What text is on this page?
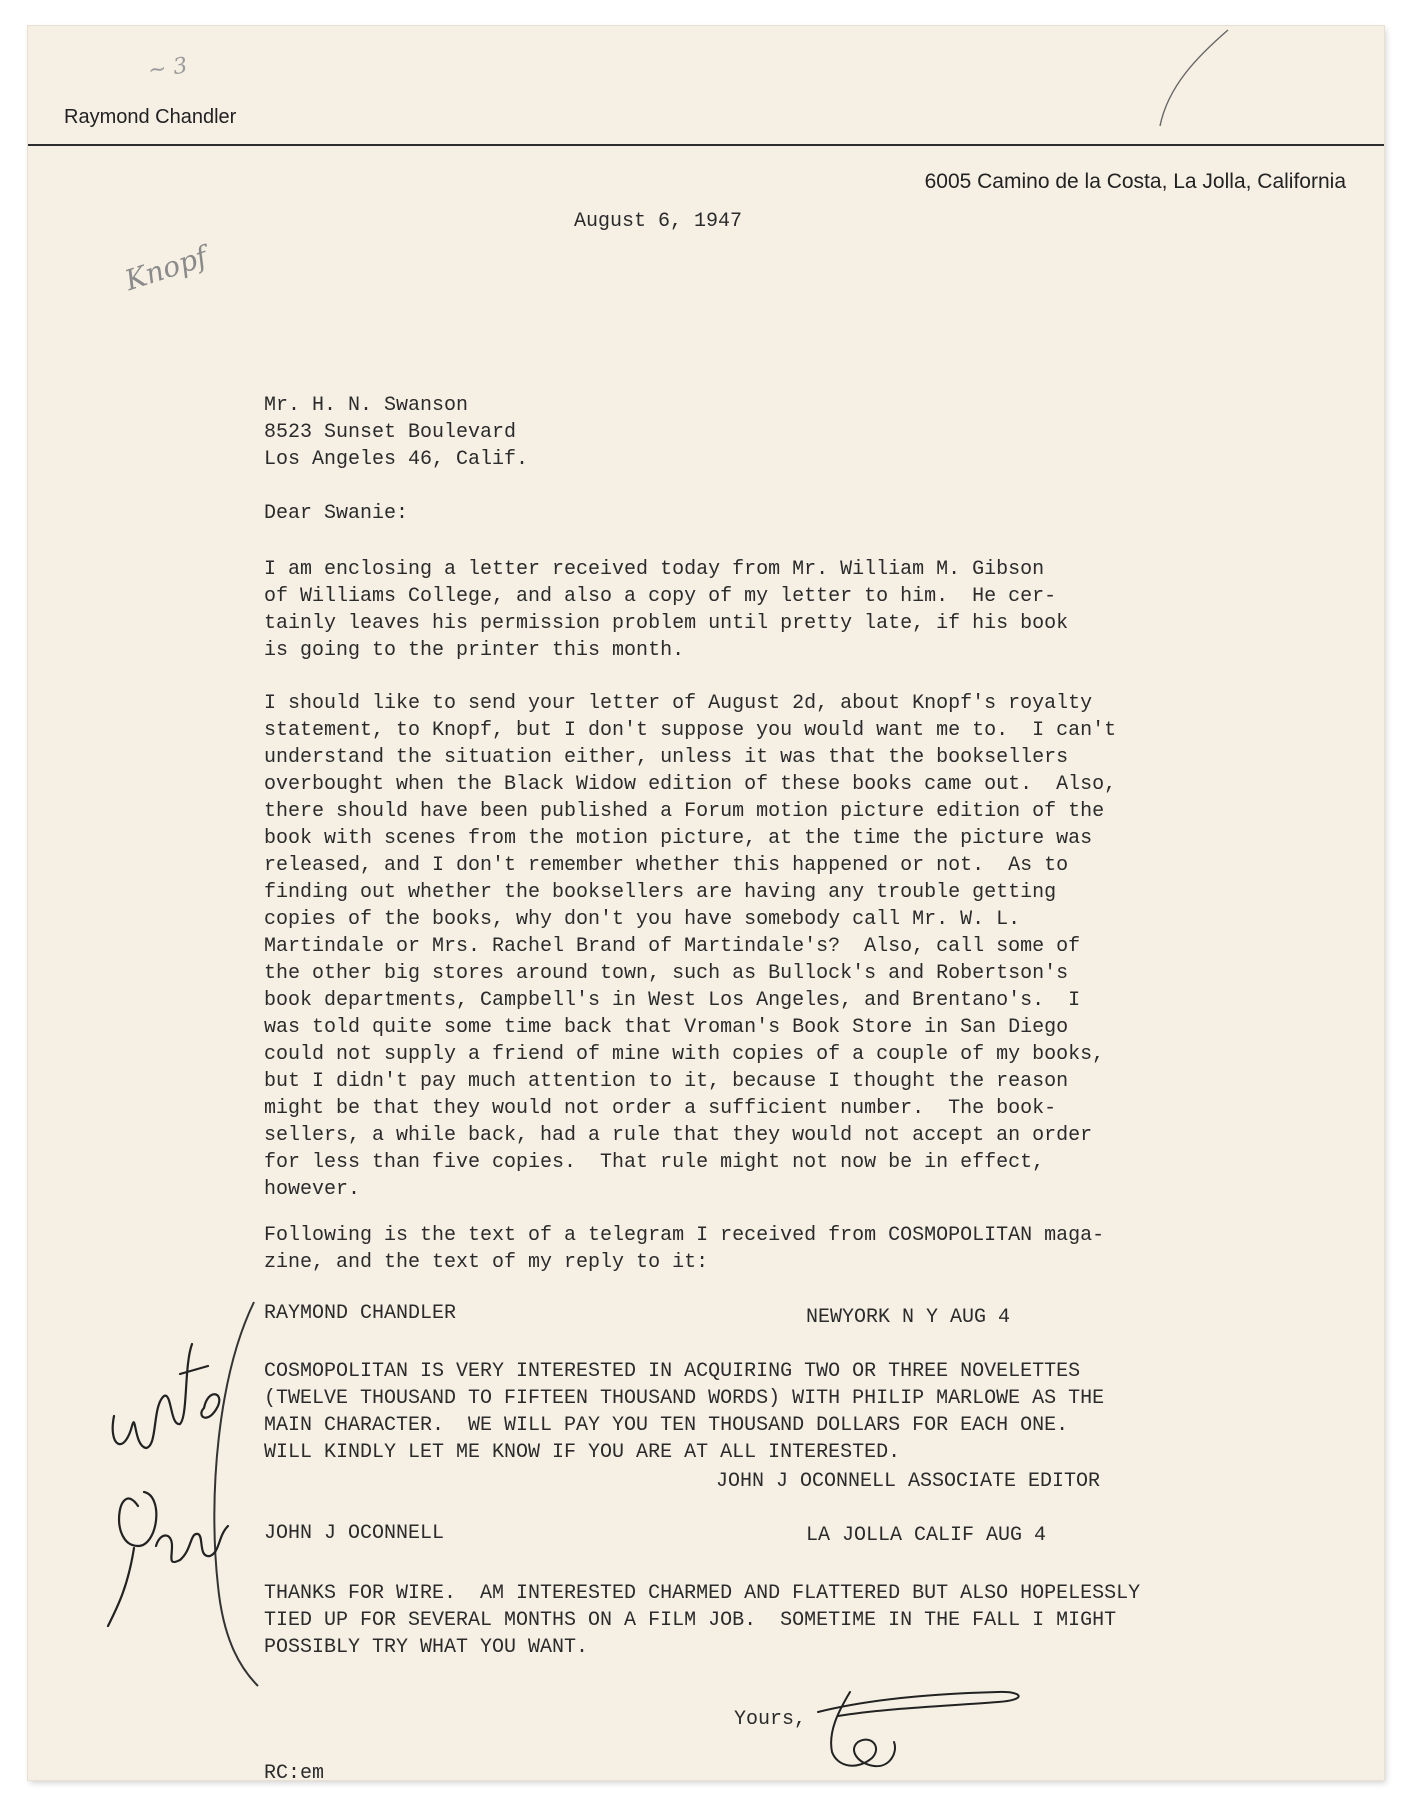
Raymond Chandler
6005 Camino de la Costa, La Jolla, California
~ 3
Knopf
August 6, 1947
Mr. H. N. Swanson
8523 Sunset Boulevard
Los Angeles 46, Calif.
Dear Swanie:
I am enclosing a letter received today from Mr. William M. Gibson
of Williams College, and also a copy of my letter to him.  He cer-
tainly leaves his permission problem until pretty late, if his book
is going to the printer this month.
I should like to send your letter of August 2d, about Knopf's royalty
statement, to Knopf, but I don't suppose you would want me to.  I can't
understand the situation either, unless it was that the booksellers
overbought when the Black Widow edition of these books came out.  Also,
there should have been published a Forum motion picture edition of the
book with scenes from the motion picture, at the time the picture was
released, and I don't remember whether this happened or not.  As to
finding out whether the booksellers are having any trouble getting
copies of the books, why don't you have somebody call Mr. W. L.
Martindale or Mrs. Rachel Brand of Martindale's?  Also, call some of
the other big stores around town, such as Bullock's and Robertson's
book departments, Campbell's in West Los Angeles, and Brentano's.  I
was told quite some time back that Vroman's Book Store in San Diego
could not supply a friend of mine with copies of a couple of my books,
but I didn't pay much attention to it, because I thought the reason
might be that they would not order a sufficient number.  The book-
sellers, a while back, had a rule that they would not accept an order
for less than five copies.  That rule might not now be in effect,
however.
Following is the text of a telegram I received from COSMOPOLITAN maga-
zine, and the text of my reply to it:
RAYMOND CHANDLER	NEWYORK N Y AUG 4
COSMOPOLITAN IS VERY INTERESTED IN ACQUIRING TWO OR THREE NOVELETTES
(TWELVE THOUSAND TO FIFTEEN THOUSAND WORDS) WITH PHILIP MARLOWE AS THE
MAIN CHARACTER.  WE WILL PAY YOU TEN THOUSAND DOLLARS FOR EACH ONE.
WILL KINDLY LET ME KNOW IF YOU ARE AT ALL INTERESTED.
JOHN J OCONNELL ASSOCIATE EDITOR
JOHN J OCONNELL	LA JOLLA CALIF AUG 4
THANKS FOR WIRE.  AM INTERESTED CHARMED AND FLATTERED BUT ALSO HOPELESSLY
TIED UP FOR SEVERAL MONTHS ON A FILM JOB.  SOMETIME IN THE FALL I MIGHT
POSSIBLY TRY WHAT YOU WANT.
Yours,
RC:em
